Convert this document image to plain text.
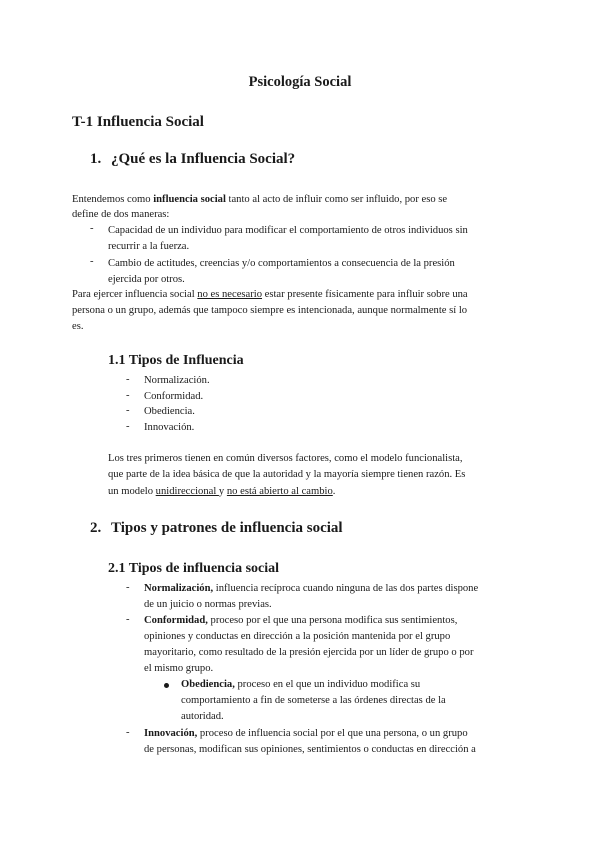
Psicología Social
T-1 Influencia Social
1. ¿Qué es la Influencia Social?
Entendemos como influencia social tanto al acto de influir como ser influido, por eso se
define de dos maneras:
- Capacidad de un individuo para modificar el comportamiento de otros individuos sin
recurrir a la fuerza.
- Cambio de actitudes, creencias y/o comportamientos a consecuencia de la presión
ejercida por otros.
Para ejercer influencia social no es necesario estar presente físicamente para influir sobre una
persona o un grupo, además que tampoco siempre es intencionada, aunque normalmente sí lo
es.
1.1 Tipos de Influencia
- Normalización.
- Conformidad.
- Obediencia.
- Innovación.
Los tres primeros tienen en común diversos factores, como el modelo funcionalista,
que parte de la idea básica de que la autoridad y la mayoría siempre tienen razón. Es
un modelo unidireccional y no está abierto al cambio.
2. Tipos y patrones de influencia social
2.1 Tipos de influencia social
- Normalización, influencia recíproca cuando ninguna de las dos partes dispone
de un juicio o normas previas.
- Conformidad, proceso por el que una persona modifica sus sentimientos,
opiniones y conductas en dirección a la posición mantenida por el grupo
mayoritario, como resultado de la presión ejercida por un líder de grupo o por
el mismo grupo.
Obediencia, proceso en el que un individuo modifica su
comportamiento a fin de someterse a las órdenes directas de la
autoridad.
- Innovación, proceso de influencia social por el que una persona, o un grupo
de personas, modifican sus opiniones, sentimientos o conductas en dirección a
